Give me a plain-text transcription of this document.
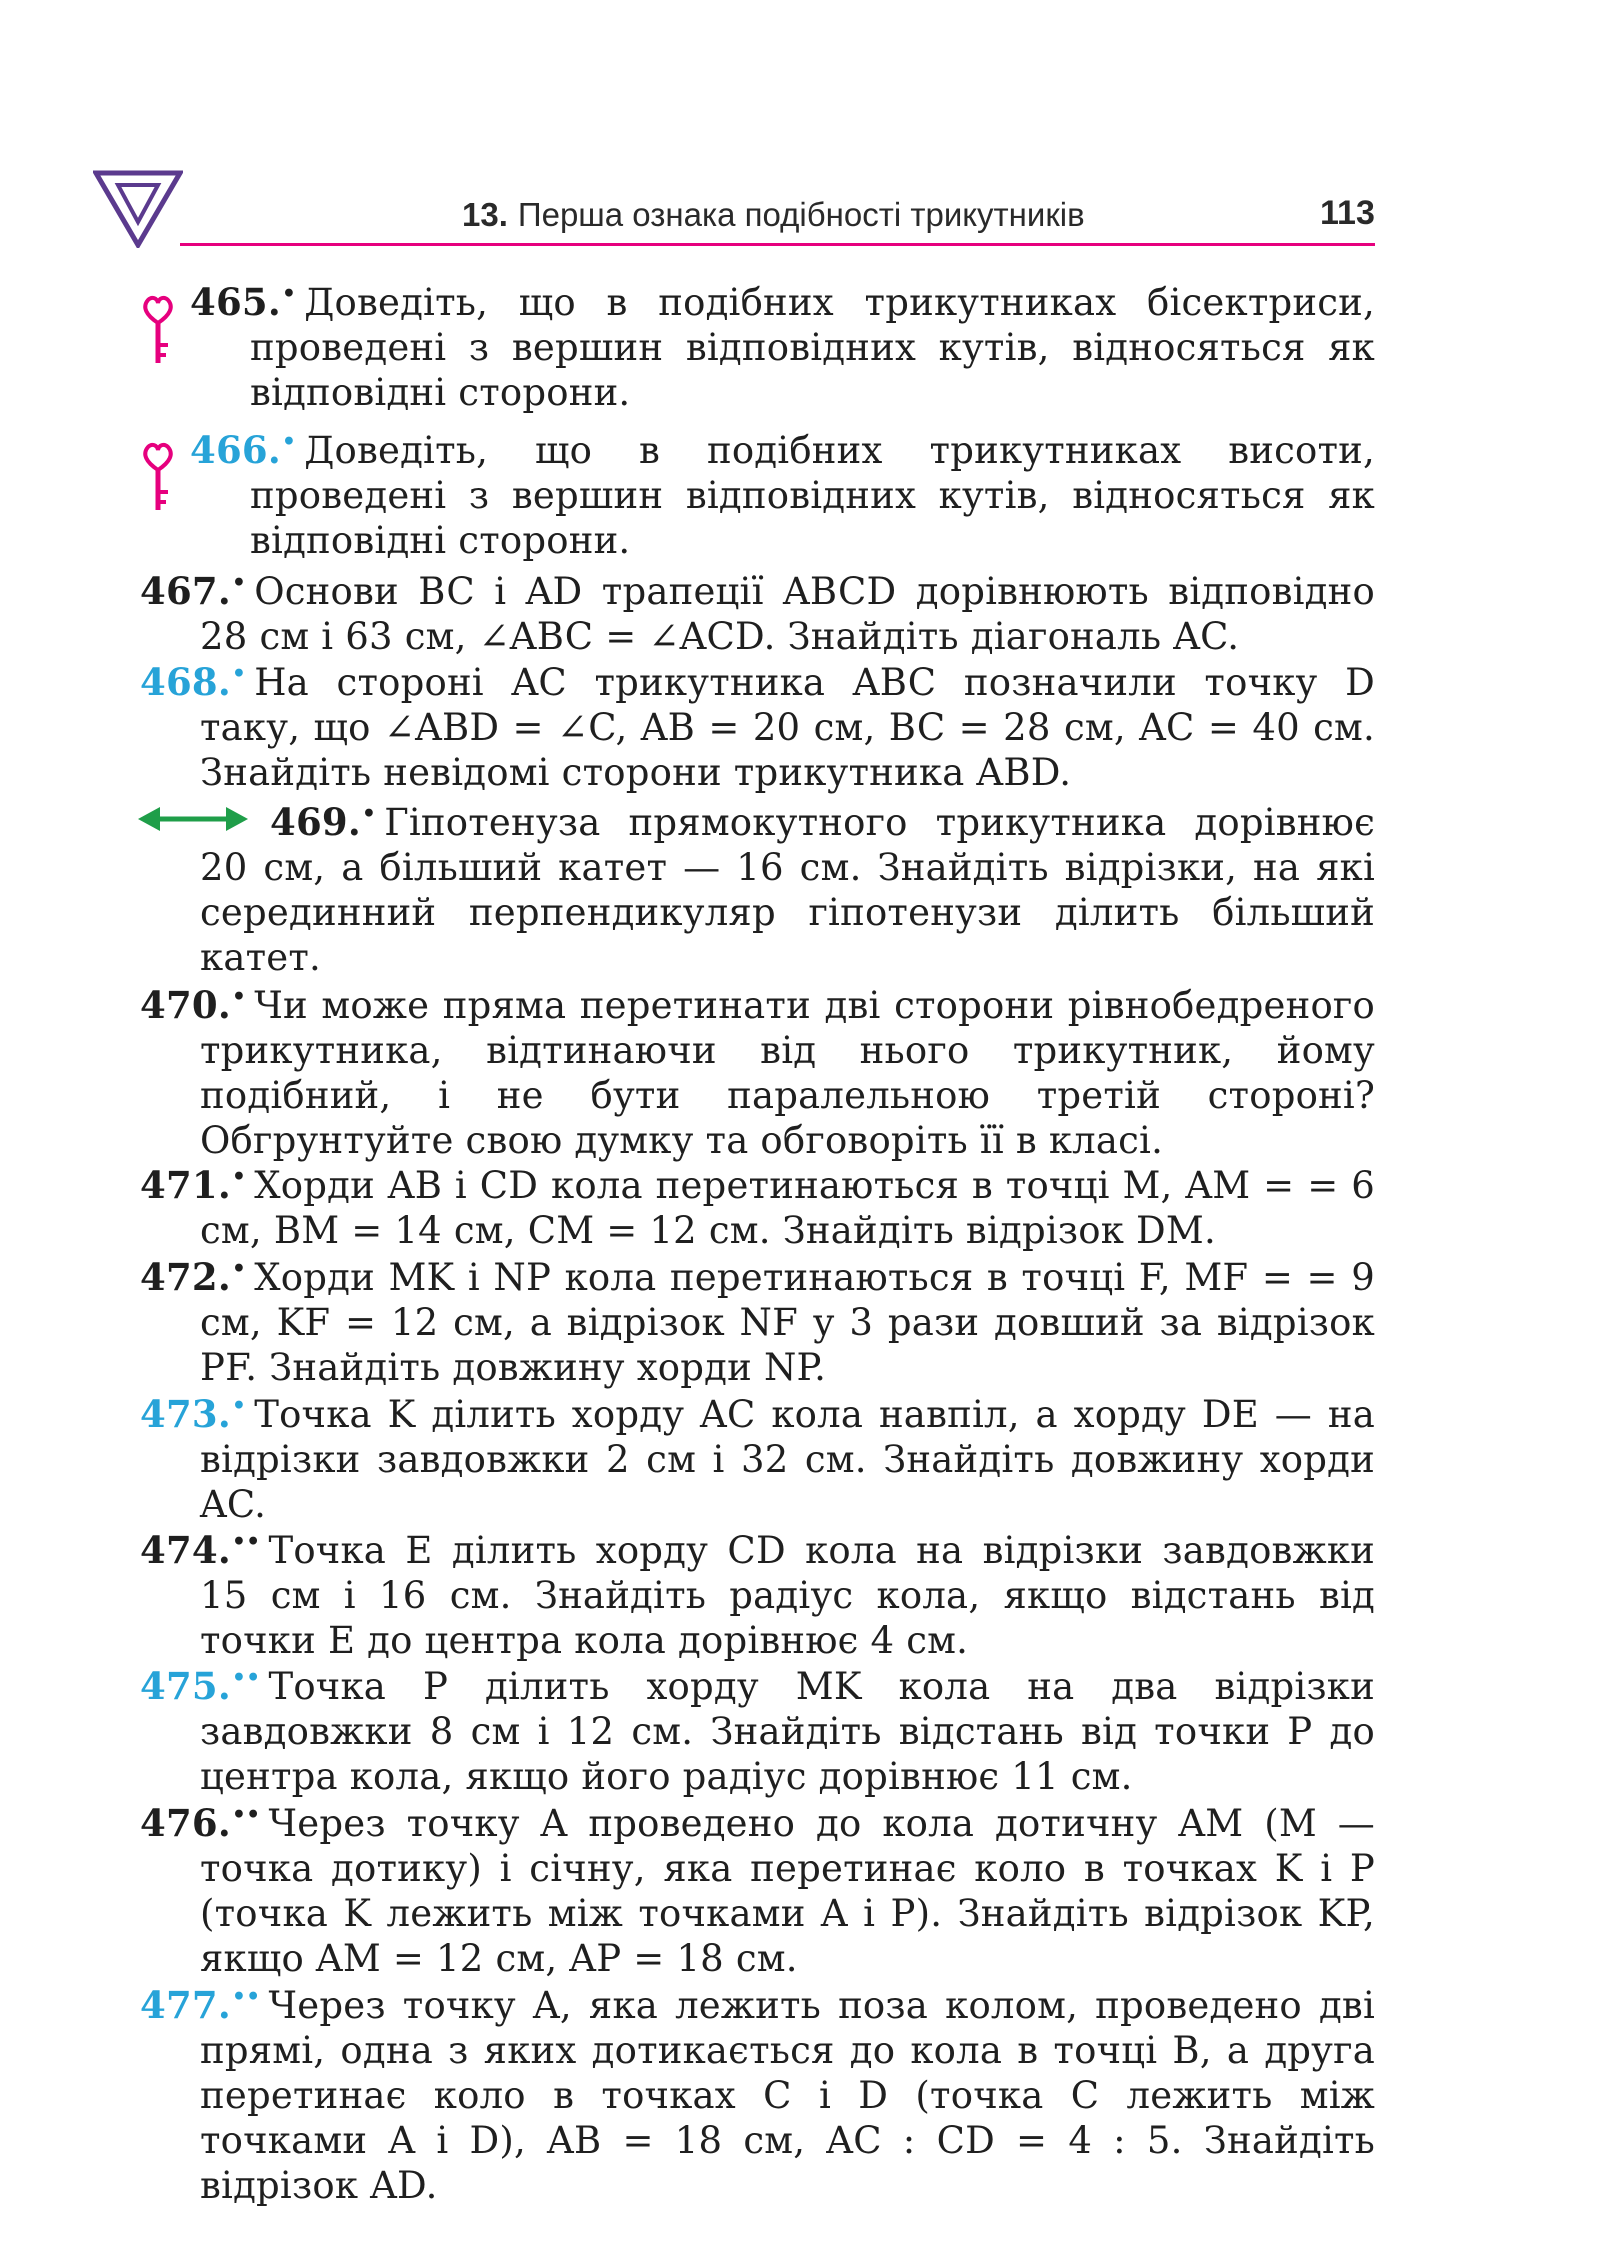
13. Перша ознака подібності трикутників	113
465.• Доведіть, що в подібних трикутниках бісектриси, проведені з вершин відповідних кутів, відносяться як відповідні сторони.
466.• Доведіть, що в подібних трикутниках висоти, проведені з вершин відповідних кутів, відносяться як відповідні сторони.
467.• Основи BC і AD трапеції ABCD дорівнюють відповідно 28 см і 63 см, ∠ABC = ∠ACD. Знайдіть діагональ AC.
468.• На стороні AC трикутника ABC позначили точку D таку, що ∠ABD = ∠C, AB = 20 см, BC = 28 см, AC = 40 см. Знайдіть невідомі сторони трикутника ABD.
469.• Гіпотенуза прямокутного трикутника дорівнює 20 см, а більший катет — 16 см. Знайдіть відрізки, на які серединний перпендикуляр гіпотенузи ділить більший катет.
470.• Чи може пряма перетинати дві сторони рівнобедреного трикутника, відтинаючи від нього трикутник, йому подібний, і не бути паралельною третій стороні? Обгрунтуйте свою думку та обговоріть її в класі.
471.• Хорди AB і CD кола перетинаються в точці M, AM = = 6 см, BM = 14 см, CM = 12 см. Знайдіть відрізок DM.
472.• Хорди MK і NP кола перетинаються в точці F, MF = = 9 см, KF = 12 см, а відрізок NF у 3 рази довший за відрізок PF. Знайдіть довжину хорди NP.
473.• Точка K ділить хорду AC кола навпіл, а хорду DE — на відрізки завдовжки 2 см і 32 см. Знайдіть довжину хорди AC.
474.•• Точка E ділить хорду CD кола на відрізки завдовжки 15 см і 16 см. Знайдіть радіус кола, якщо відстань від точки E до центра кола дорівнює 4 см.
475.•• Точка P ділить хорду MK кола на два відрізки завдовжки 8 см і 12 см. Знайдіть відстань від точки P до центра кола, якщо його радіус дорівнює 11 см.
476.•• Через точку A проведено до кола дотичну AM (M — точка дотику) і січну, яка перетинає коло в точках K і P (точка K лежить між точками A і P). Знайдіть відрізок KP, якщо AM = 12 см, AP = 18 см.
477.•• Через точку A, яка лежить поза колом, проведено дві прямі, одна з яких дотикається до кола в точці B, а друга перетинає коло в точках C і D (точка C лежить між точками A і D), AB = 18 см, AC : CD = 4 : 5. Знайдіть відрізок AD.
